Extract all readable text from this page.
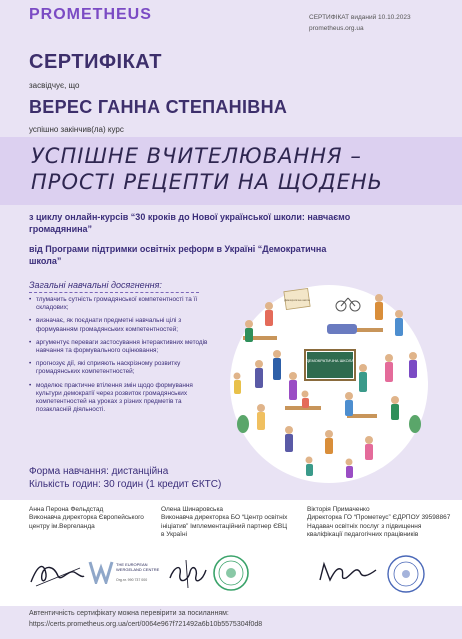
PROMETHEUS	СЕРТИФІКАТ виданий 10.10.2023
prometheus.org.ua
СЕРТИФІКАТ
засвідчує, що
ВЕРЕС ГАННА СТЕПАНІВНА
успішно закінчив(ла) курс
УСПІШНЕ ВЧИТЕЛЮВАННЯ – ПРОСТІ РЕЦЕПТИ НА ЩОДЕНЬ
з циклу онлайн-курсів “30 кроків до Нової української школи: навчаємо громадянина”
від Програми підтримки освітніх реформ в Україні “Демократична школа”
Загальні навчальні досягнення:
• тлумачить сутність громадянської компетентності та її складових;
• визначає, як поєднати предметні навчальні цілі з формуванням громадянських компетентностей;
• аргументує переваги застосування інтерактивних методів навчання та формувального оцінювання;
• прогнозує дії, які сприяють наскрізному розвитку громадянських компетентностей;
• моделює практичне втілення змін щодо формування культури демократії через розвиток громадянських компетентностей на уроках з різних предметів та позакласній діяльності.
Форма навчання: дистанційна
Кількість годин: 30 годин (1 кредит ЄКТС)
ДЕМОКРАТИЧНА ШКОЛА
Демократична школа
Анна Перона Фельдстад
Виконавча директорка Європейського центру ім.Вергеланда
Олена Шинаровська
Виконавча директорка БО “Центр освітніх ініціатив” Імплементаційний партнер ЄВЦ в Україні
Вікторія Примаченко
Директорка ГО “Прометеус” ЄДРПОУ 39598867 Надавач освітніх послуг з підвищення кваліфікації педагогічних працівників
THE EUROPEAN WERGELAND CENTRE
Org.nr. 990 737 000
Автентичність сертифікату можна перевірити за посиланням:
https://certs.prometheus.org.ua/cert/0064e967f721492a6b10b5575304f0d8
